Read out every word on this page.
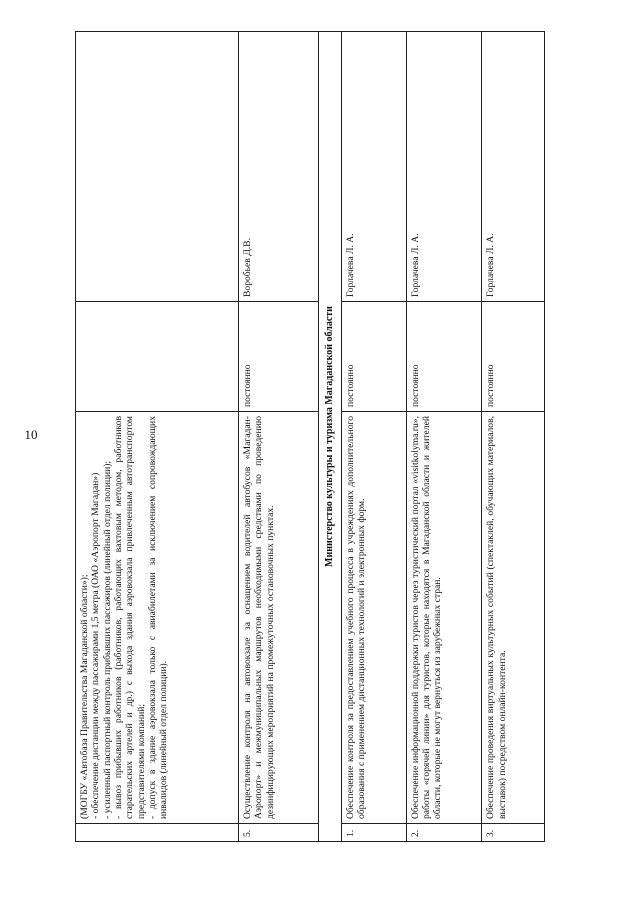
10

	(МОГБУ «Автобаза Правительства Магаданской области»); - обеспечение дистанции между пассажирами 1,5 метра (ОАО «Аэропорт Магадан») - усиленный паспортный контроль прибывших пассажиров (линейный отдел полиции); - вывоз прибывших работников (работников, работающих вахтовым методом, работников старательских артелей и др.) с выхода здания аэровокзала привлеченным автотранспортом представителями компаний; - допуск в здание аэровокзала только с авиабилетами за исключением сопровождающих инвалидов (линейный отдел полиции).		

5.	Осуществление контроля на автовокзале за оснащением водителей автобусов «Магадан-Аэропорт» и межмуниципальных маршрутов необходимыми средствами по проведению дезинфицирующих мероприятий на промежуточных остановочных пунктах.	постоянно	Воробьев Д.В.
Министерство культуры и туризма Магаданской области			
1.	Обеспечение контроля за предоставлением учебного процесса в учреждениях дополнительного образования с применением дистанционных технологий и электронных форм.	постоянно	Горлачева Л. А.
2.	Обеспечение информационной поддержки туристов через туристический портал «visitkolyma.ru», работы «горячей линии» для туристов, которые находятся в Магаданской области и жителей области, которые не могут вернуться из зарубежных стран.	постоянно	Горлачева Л. А.
3.	Обеспечение проведения виртуальных культурных событий (спектаклей, обучающих материалов, выставок) посредством онлайн-контента.	постоянно	Горлачева Л. А.
